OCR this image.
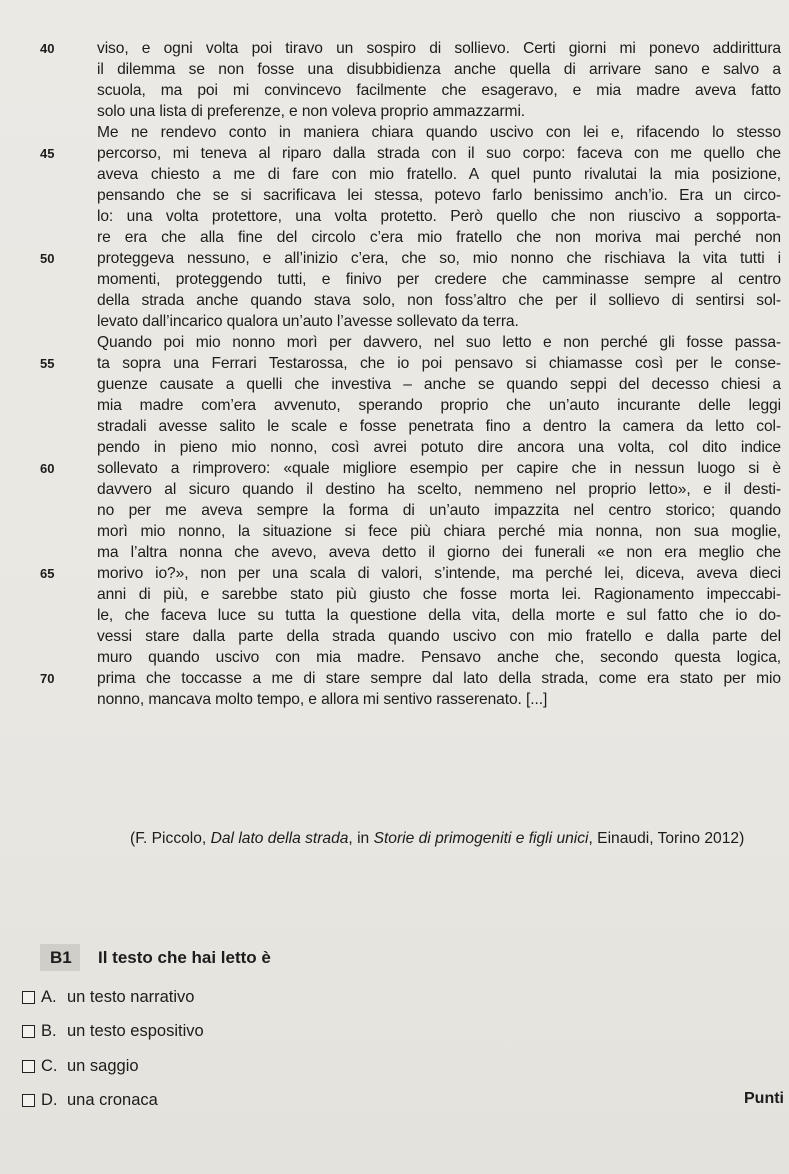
40	viso, e ogni volta poi tiravo un sospiro di sollievo. Certi giorni mi ponevo addirittura
il dilemma se non fosse una disubbidienza anche quella di arrivare sano e salvo a
scuola, ma poi mi convincevo facilmente che esageravo, e mia madre aveva fatto
solo una lista di preferenze, e non voleva proprio ammazzarmi.
Me ne rendevo conto in maniera chiara quando uscivo con lei e, rifacendo lo stesso
45	percorso, mi teneva al riparo dalla strada con il suo corpo: faceva con me quello che
aveva chiesto a me di fare con mio fratello. A quel punto rivalutai la mia posizione,
pensando che se si sacrificava lei stessa, potevo farlo benissimo anch’io. Era un circo-
lo: una volta protettore, una volta protetto. Però quello che non riuscivo a sopporta-
re era che alla fine del circolo c’era mio fratello che non moriva mai perché non
50	proteggeva nessuno, e all’inizio c’era, che so, mio nonno che rischiava la vita tutti i
momenti, proteggendo tutti, e finivo per credere che camminasse sempre al centro
della strada anche quando stava solo, non foss’altro che per il sollievo di sentirsi sol-
levato dall’incarico qualora un’auto l’avesse sollevato da terra.
Quando poi mio nonno morì per davvero, nel suo letto e non perché gli fosse passa-
55	ta sopra una Ferrari Testarossa, che io poi pensavo si chiamasse così per le conse-
guenze causate a quelli che investiva – anche se quando seppi del decesso chiesi a
mia madre com’era avvenuto, sperando proprio che un’auto incurante delle leggi
stradali avesse salito le scale e fosse penetrata fino a dentro la camera da letto col-
pendo in pieno mio nonno, così avrei potuto dire ancora una volta, col dito indice
60	sollevato a rimprovero: «quale migliore esempio per capire che in nessun luogo si è
davvero al sicuro quando il destino ha scelto, nemmeno nel proprio letto», e il desti-
no per me aveva sempre la forma di un’auto impazzita nel centro storico; quando
morì mio nonno, la situazione si fece più chiara perché mia nonna, non sua moglie,
ma l’altra nonna che avevo, aveva detto il giorno dei funerali «e non era meglio che
65	morivo io?», non per una scala di valori, s’intende, ma perché lei, diceva, aveva dieci
anni di più, e sarebbe stato più giusto che fosse morta lei. Ragionamento impeccabi-
le, che faceva luce su tutta la questione della vita, della morte e sul fatto che io do-
vessi stare dalla parte della strada quando uscivo con mio fratello e dalla parte del
muro quando uscivo con mia madre. Pensavo anche che, secondo questa logica,
70	prima che toccasse a me di stare sempre dal lato della strada, come era stato per mio
nonno, mancava molto tempo, e allora mi sentivo rasserenato. [...]
(F. Piccolo, Dal lato della strada, in Storie di primogeniti e figli unici, Einaudi, Torino 2012)
B1	Il testo che hai letto è
A. un testo narrativo
B. un testo espositivo
C. un saggio
D. una cronaca	Punti
